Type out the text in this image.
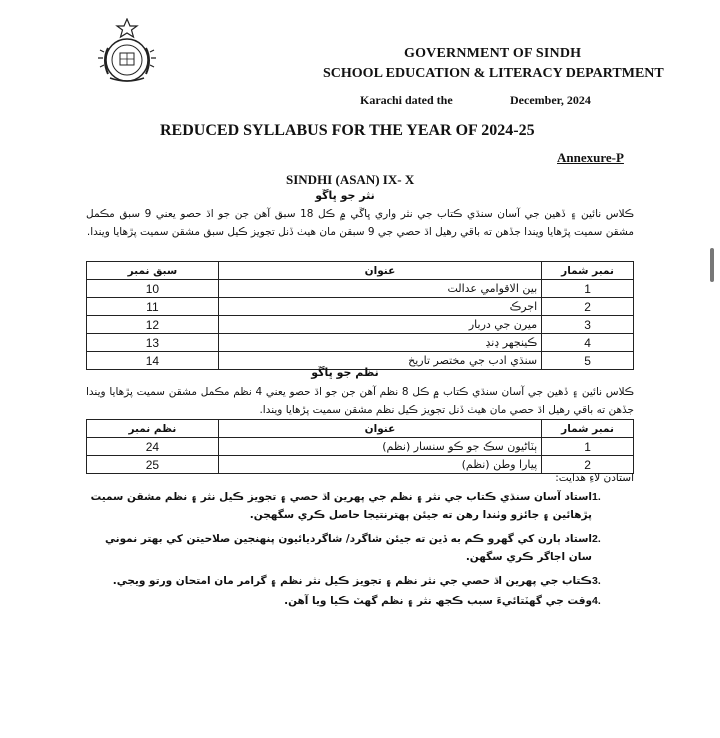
GOVERNMENT OF SINDH
SCHOOL EDUCATION & LITERACY DEPARTMENT
Karachi dated the	December, 2024
REDUCED SYLLABUS FOR THE YEAR OF 2024-25
Annexure-P
SINDHI (ASAN) IX- X
نثر جو ڀاڱو
ڪلاس نائين ۽ ڏهين جي آسان سنڌي ڪتاب جي نثر واري ڀاڱي ۾ ڪل 18 سبق آهن جن جو اڌ حصو يعني 9 سبق مڪمل مشقن سميت پڙهايا ويندا جڏهن ته باقي رهيل اڌ حصي جي 9 سبقن مان هيٺ ڏنل تجويز ڪيل سبق مشقن سميت پڙهايا ويندا.
نمبر شمار	عنوان	سبق نمبر
1	بين الاقوامي عدالت	10
2	اجرڪ	11
3	ميرن جي دربار	12
4	ڪينجهر ڍنڍ	13
5	سنڌي ادب جي مختصر تاريخ	14
نظم جو ڀاڱو
ڪلاس نائين ۽ ڏهين جي آسان سنڌي ڪتاب ۾ ڪل 8 نظم آهن جن جو اڌ حصو يعني 4 نظم مڪمل مشقن سميت پڙهايا ويندا جڏهن ته باقي رهيل اڌ حصي مان هيٺ ڏنل تجويز ڪيل نظم مشقن سميت پڙهايا ويندا.
نمبر شمار	عنوان	نظم نمبر
1	ٻٽاڻيون سڪ جو ڪو سنسار (نظم)	24
2	پيارا وطن (نظم)	25
استادن لاءِ هدايت:
1.
استاد آسان سنڌي ڪتاب جي نثر ۽ نظم جي پهرين اڌ حصي ۽ تجويز ڪيل نثر ۽ نظم مشقن سميت پڙهائين ۽ جائزو وٺندا رهن ته جيئن ٻهترنتيجا حاصل ڪري سگهجن.
2.
استاد ٻارن کي گهرو ڪم به ڏين ته جيئن شاگرد/ شاگرديائيون پنهنجين صلاحيتن کي بهتر نموني سان اجاگر ڪري سگهن.
3.
ڪتاب جي پهرين اڌ حصي جي نثر نظم ۽ تجويز ڪيل نثر نظم ۽ گرامر مان امتحان ورتو ويجي.
4.
وقت جي گهٽتائيءَ سبب ڪجھ نثر ۽ نظم گهٽ ڪيا ويا آهن.
